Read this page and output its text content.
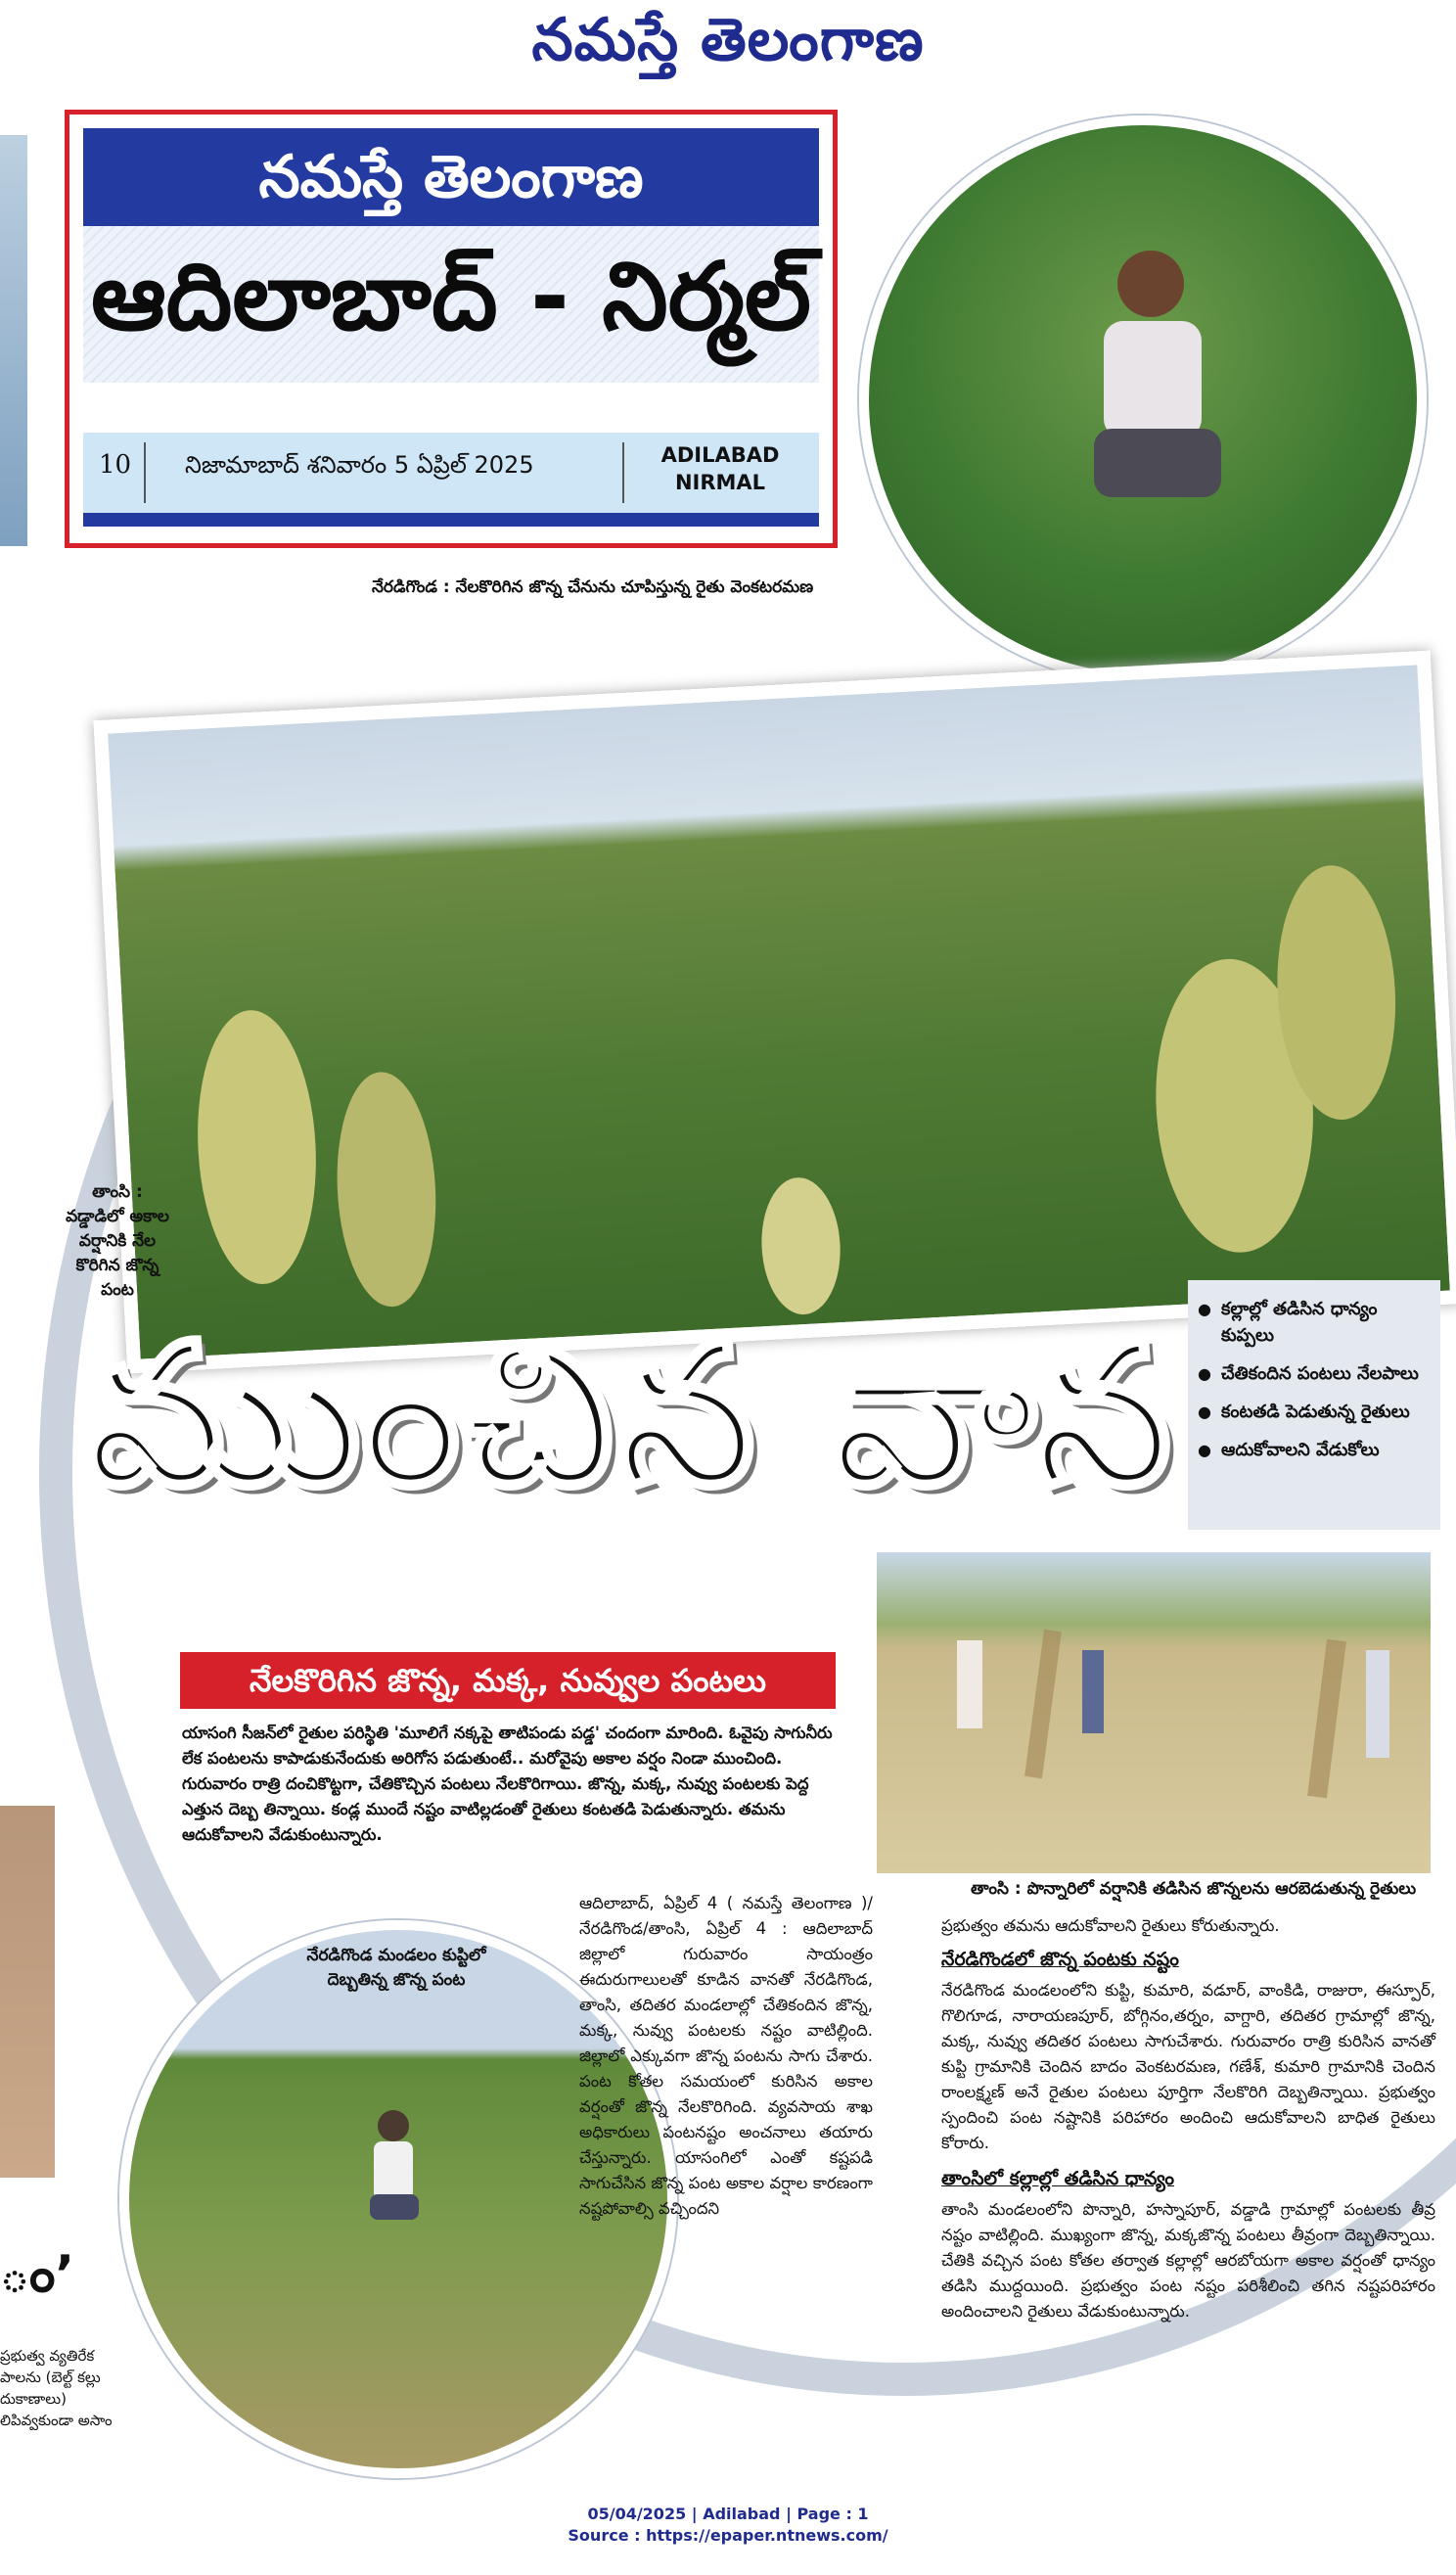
నమస్తే తెలంగాణ
నమస్తే తెలంగాణ
ఆదిలాబాద్ - నిర్మల్
10 నిజామాబాద్ శనివారం 5 ఏప్రిల్ 2025	ADILABAD
NIRMAL
నేరడిగొండ : నేలకొరిగిన జొన్న చేనును చూపిస్తున్న రైతు వెంకటరమణ
తాంసి :
వడ్డాడిలో అకాల
వర్షానికి నేల
కొరిగిన జొన్న
పంట
● కల్లాల్లో తడిసిన ధాన్యం కుప్పలు
● చేతికందిన పంటలు నేలపాలు
● కంటతడి పెడుతున్న రైతులు
● ఆదుకోవాలని వేడుకోలు
ముంచిన వాన
నేలకొరిగిన జొన్న, మక్క, నువ్వుల పంటలు
తాంసి : పొన్నారిలో వర్షానికి తడిసిన జొన్నలను ఆరబెడుతున్న రైతులు
యాసంగి సీజన్‌లో రైతుల పరిస్థితి 'మూలిగే నక్కపై తాటిపండు పడ్డ' చందంగా మారింది. ఓవైపు సాగునీరు లేక పంటలను కాపాడుకునేందుకు అరిగోస పడుతుంటే.. మరోవైపు అకాల వర్షం నిండా ముంచింది. గురువారం రాత్రి దంచికొట్టగా, చేతికొచ్చిన పంటలు నేలకొరిగాయి. జొన్న, మక్క, నువ్వు పంటలకు పెద్ద ఎత్తున దెబ్బ తిన్నాయి. కండ్ల ముందే నష్టం వాటిల్లడంతో రైతులు కంటతడి పెడుతున్నారు. తమను ఆదుకోవాలని వేడుకుంటున్నారు.
నేరడిగొండ మండలం కుప్టిలో
దెబ్బతిన్న జొన్న పంట
ఆదిలాబాద్, ఏప్రిల్ 4 ( నమస్తే తెలంగాణ )/నేరడిగొండ/తాంసి, ఏప్రిల్ 4 : ఆదిలాబాద్ జిల్లాలో గురువారం సాయంత్రం ఈదురుగాలులతో కూడిన వానతో నేరడిగొండ, తాంసి, తదితర మండలాల్లో చేతికందిన జొన్న, మక్క, నువ్వు పంటలకు నష్టం వాటిల్లింది. జిల్లాలో ఎక్కువగా జొన్న పంటను సాగు చేశారు. పంట కోతల సమయంలో కురిసిన అకాల వర్షంతో జొన్న నేలకొరిగింది. వ్యవసాయ శాఖ అధికారులు పంటనష్టం అంచనాలు తయారు చేస్తున్నారు. యాసంగిలో ఎంతో కష్టపడి సాగుచేసిన జొన్న పంట అకాల వర్షాల కారణంగా నష్టపోవాల్సి వచ్చిందని
ప్రభుత్వం తమను ఆదుకోవాలని రైతులు కోరుతున్నారు.
నేరడిగొండలో జొన్న పంటకు నష్టం
నేరడిగొండ మండలంలోని కుప్టి, కుమారి, వడూర్, వాంకిడి, రాజురా, ఈస్పూర్, గొలిగూడ, నారాయణపూర్, బోగ్గినం,తర్నం, వాగ్దారి, తదితర గ్రామాల్లో జొన్న, మక్క, నువ్వు తదితర పంటలు సాగుచేశారు. గురువారం రాత్రి కురిసిన వానతో కుప్టి గ్రామానికి చెందిన బాదం వెంకటరమణ, గణేశ్, కుమారి గ్రామానికి చెందిన రాంలక్ష్మణ్ అనే రైతుల పంటలు పూర్తిగా నేలకొరిగి దెబ్బతిన్నాయి. ప్రభుత్వం స్పందించి పంట నష్టానికి పరిహారం అందించి ఆదుకోవాలని బాధిత రైతులు కోరారు.
తాంసిలో కల్లాల్లో తడిసిన ధాన్యం
తాంసి మండలంలోని పొన్నారి, హస్నాపూర్, వడ్డాడి గ్రామాల్లో పంటలకు తీవ్ర నష్టం వాటిల్లింది. ముఖ్యంగా జొన్న, మక్కజొన్న పంటలు తీవ్రంగా దెబ్బతిన్నాయి. చేతికి వచ్చిన పంట కోతల తర్వాత కల్లాల్లో ఆరబోయగా అకాల వర్షంతో ధాన్యం తడిసి ముద్దయింది. ప్రభుత్వం పంట నష్టం పరిశీలించి తగిన నష్టపరిహారం అందించాలని రైతులు వేడుకుంటున్నారు.
ం’
ప్రభుత్వ వ్యతిరేక పాలను (బెల్ట్ కల్లు దుకాణాలు) లిపివ్వకుండా అసాం
05/04/2025 | Adilabad | Page : 1
Source : https://epaper.ntnews.com/
